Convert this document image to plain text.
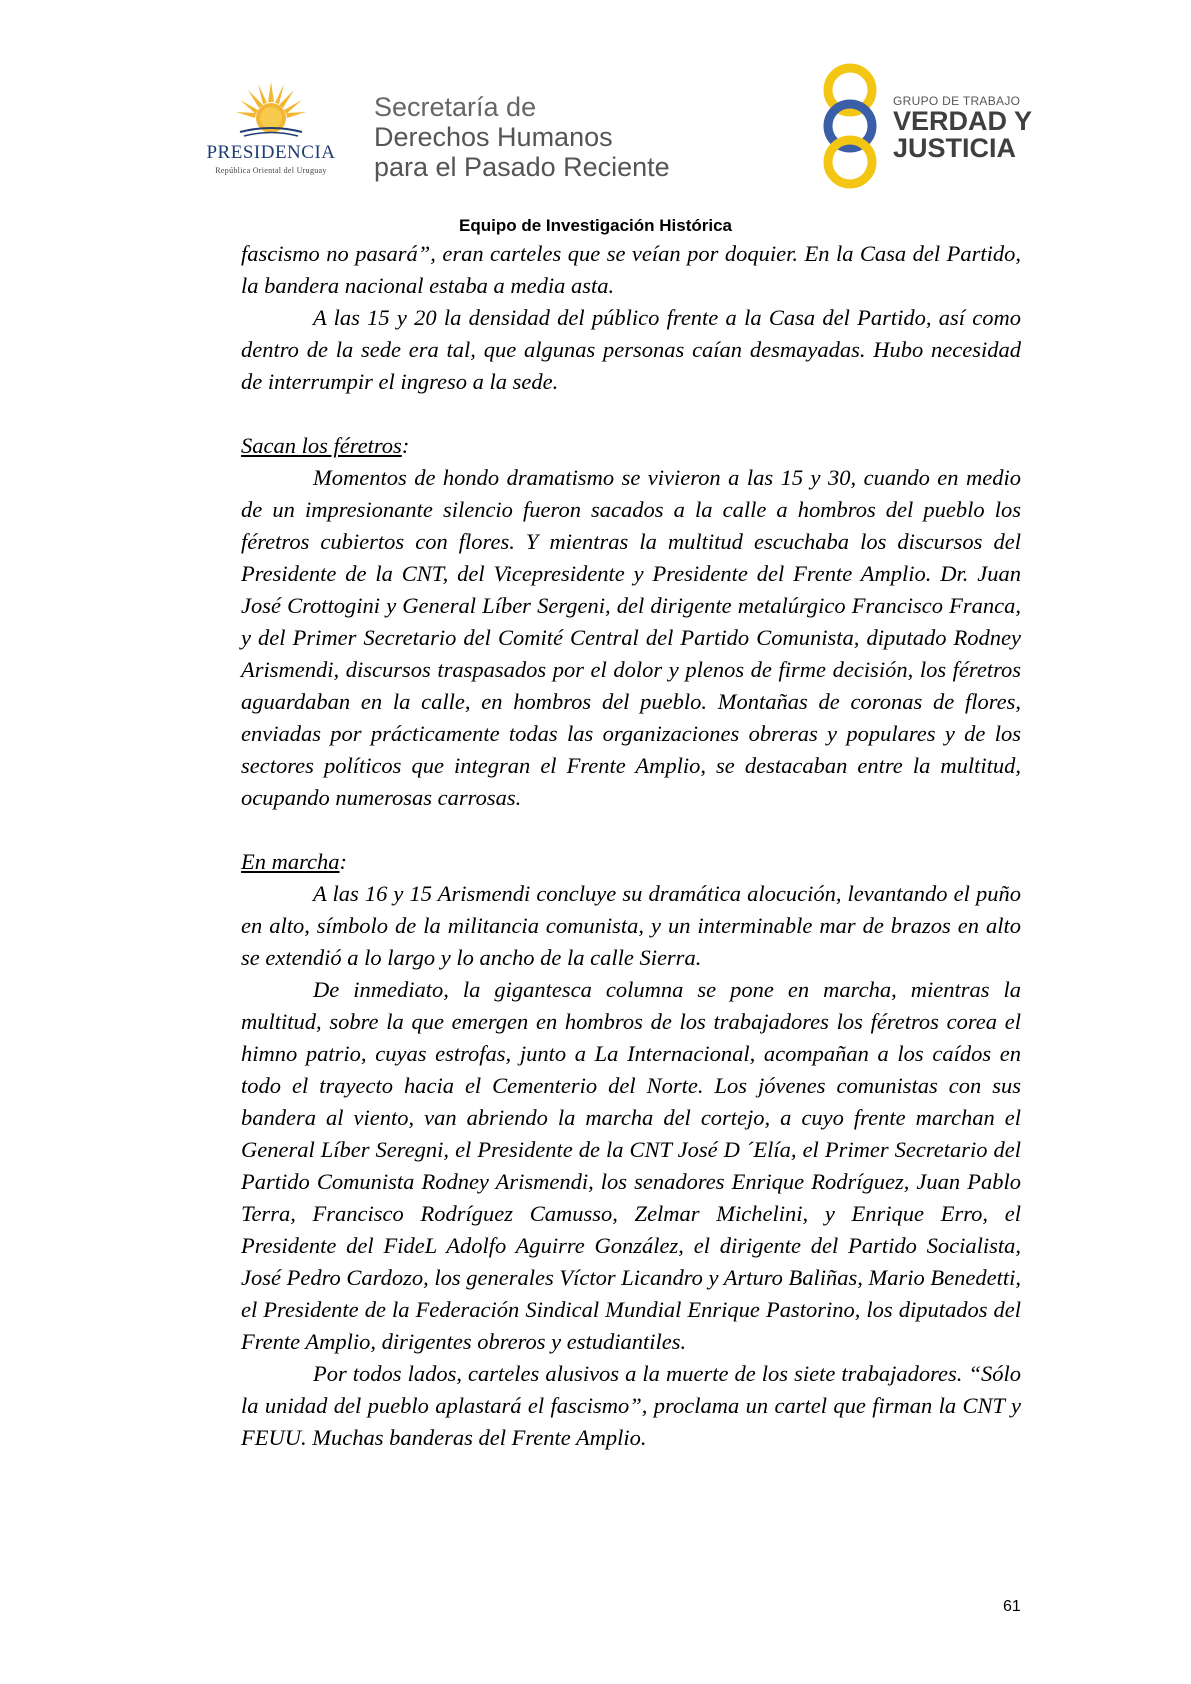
PRESIDENCIA
República Oriental del Uruguay
Secretaría de
Derechos Humanos
para el Pasado Reciente
GRUPO DE TRABAJO
VERDAD Y
JUSTICIA
Equipo de Investigación Histórica

fascismo no pasará”, eran carteles que se veían por doquier. En la Casa del Partido, la bandera nacional estaba a media asta.

A las 15 y 20 la densidad del público frente a la Casa del Partido, así como dentro de la sede era tal, que algunas personas caían desmayadas. Hubo necesidad de interrumpir el ingreso a la sede.

Sacan los féretros:

Momentos de hondo dramatismo se vivieron a las 15 y 30, cuando en medio de un impresionante silencio fueron sacados a la calle a hombros del pueblo los féretros cubiertos con flores. Y mientras la multitud escuchaba los discursos del Presidente de la CNT, del Vicepresidente y Presidente del Frente Amplio. Dr. Juan José Crottogini y General Líber Sergeni, del dirigente metalúrgico Francisco Franca, y del Primer Secretario del Comité Central del Partido Comunista, diputado Rodney Arismendi, discursos traspasados por el dolor y plenos de firme decisión, los féretros aguardaban en la calle, en hombros del pueblo. Montañas de coronas de flores, enviadas por prácticamente todas las organizaciones obreras y populares y de los sectores políticos que integran el Frente Amplio, se destacaban entre la multitud, ocupando numerosas carrosas.

En marcha:

A las 16 y 15 Arismendi concluye su dramática alocución, levantando el puño en alto, símbolo de la militancia comunista, y un interminable mar de brazos en alto se extendió a lo largo y lo ancho de la calle Sierra.

De inmediato, la gigantesca columna se pone en marcha, mientras la multitud, sobre la que emergen en hombros de los trabajadores los féretros corea el himno patrio, cuyas estrofas, junto a La Internacional, acompañan a los caídos en todo el trayecto hacia el Cementerio del Norte. Los jóvenes comunistas con sus bandera al viento, van abriendo la marcha del cortejo, a cuyo frente marchan el General Líber Seregni, el Presidente de la CNT José D ´Elía, el Primer Secretario del Partido Comunista Rodney Arismendi, los senadores Enrique Rodríguez, Juan Pablo Terra, Francisco Rodríguez Camusso, Zelmar Michelini, y Enrique Erro, el Presidente del FideL Adolfo Aguirre González, el dirigente del Partido Socialista, José Pedro Cardozo, los generales Víctor Licandro y Arturo Baliñas, Mario Benedetti, el Presidente de la Federación Sindical Mundial Enrique Pastorino, los diputados del Frente Amplio, dirigentes obreros y estudiantiles.

Por todos lados, carteles alusivos a la muerte de los siete trabajadores. “Sólo la unidad del pueblo aplastará el fascismo”, proclama un cartel que firman la CNT y FEUU. Muchas banderas del Frente Amplio.

61
